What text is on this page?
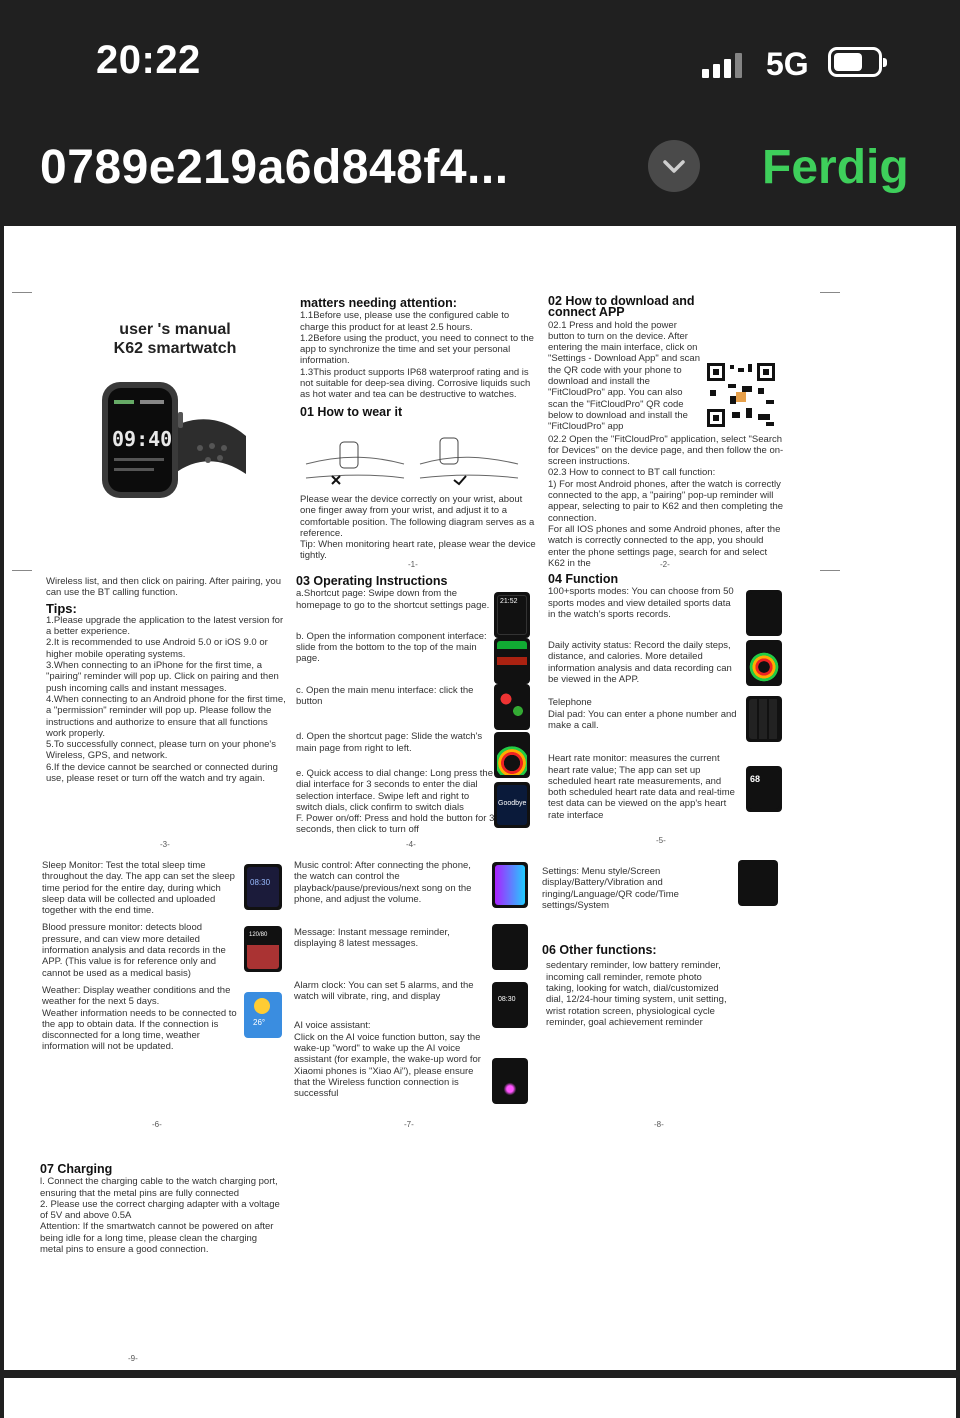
20:22	5G
0789e219a6d848f4...	Ferdig
user 's manual
K62 smartwatch
09:40
matters needing attention:

1.1Before use, please use the configured cable to charge this product for at least 2.5 hours.
1.2Before using the product, you need to connect to the app to synchronize the time and set your personal information.
1.3This product supports IP68 waterproof rating and is not suitable for deep-sea diving. Corrosive liquids such as hot water and tea can be destructive to watches.

01 How to wear it

Please wear the device correctly on your wrist, about one finger away from your wrist, and adjust it to a comfortable position. The following diagram serves as a reference.
Tip: When monitoring heart rate, please wear the device tightly.

-1-
02 How to download and
connect APP

02.1 Press and hold the power button to turn on the device. After entering the main interface, click on "Settings - Download App" and scan the QR code with your phone to download and install the "FitCloudPro" app. You can also scan the "FitCloudPro" QR code below to download and install the "FitCloudPro" app

02.2 Open the "FitCloudPro" application, select "Search for Devices" on the device page, and then follow the on-screen instructions.
02.3 How to connect to BT call function:
1) For most Android phones, after the watch is correctly connected to the app, a "pairing" pop-up reminder will appear, selecting to pair to K62 and then completing the connection.
For all IOS phones and some Android phones, after the watch is correctly connected to the app, you should enter the phone settings page, search for and select K62 in the	-2-

Wireless list, and then click on pairing. After pairing, you can use the BT calling function.

Tips:

1.Please upgrade the application to the latest version for a better experience.
2.It is recommended to use Android 5.0 or iOS 9.0 or higher mobile operating systems.
3.When connecting to an iPhone for the first time, a "pairing" reminder will pop up. Click on pairing and then push incoming calls and instant messages.
4.When connecting to an Android phone for the first time, a "permission" reminder will pop up. Please follow the instructions and authorize to ensure that all functions work properly.
5.To successfully connect, please turn on your phone's Wireless, GPS, and network.
6.If the device cannot be searched or connected during use, please reset or turn off the watch and try again.

-3-
03 Operating Instructions

a.Shortcut page: Swipe down from the homepage to go to the shortcut settings page.

b. Open the information component interface: slide from the bottom to the top of the main page.

c. Open the main menu interface: click the button

d. Open the shortcut page: Slide the watch's main page from right to left.

e. Quick access to dial change: Long press the dial interface for 3 seconds to enter the dial selection interface. Swipe left and right to switch dials, click confirm to switch dials
F. Power on/off: Press and hold the button for 3 seconds, then click to turn off

21:52
Goodbye
-4-
04 Function

100+sports modes: You can choose from 50 sports modes and view detailed sports data in the watch's sports records.

Daily activity status: Record the daily steps, distance, and calories. More detailed information analysis and data recording can be viewed in the APP.

Telephone
Dial pad: You can enter a phone number and make a call.

Heart rate monitor: measures the current heart rate value; The app can set up scheduled heart rate measurements, and both scheduled heart rate data and real-time test data can be viewed on the app's heart rate interface

68
-5-

Sleep Monitor: Test the total sleep time throughout the day. The app can set the sleep time period for the entire day, during which sleep data will be collected and uploaded together with the end time.

Blood pressure monitor: detects blood pressure, and can view more detailed information analysis and data records in the APP. (This value is for reference only and cannot be used as a medical basis)

Weather: Display weather conditions and the weather for the next 5 days.
Weather information needs to be connected to the app to obtain data. If the connection is disconnected for a long time, weather information will not be updated.

08:30
120/80
26°
-6-

Music control: After connecting the phone, the watch can control the playback/pause/previous/next song on the phone, and adjust the volume.

Message: Instant message reminder, displaying 8 latest messages.

Alarm clock: You can set 5 alarms, and the watch will vibrate, ring, and display

AI voice assistant:
Click on the AI voice function button, say the wake-up "word" to wake up the AI voice assistant (for example, the wake-up word for Xiaomi phones is "Xiao Ai"), please ensure that the Wireless function connection is successful

08:30
-7-

Settings: Menu style/Screen display/Battery/Vibration and ringing/Language/QR code/Time settings/System

06 Other functions:

sedentary reminder, low battery reminder, incoming call reminder, remote photo taking, looking for watch, dial/customized dial, 12/24-hour timing system, unit setting, wrist rotation screen, physiological cycle reminder, goal achievement reminder

-8-
07 Charging

l. Connect the charging cable to the watch charging port, ensuring that the metal pins are fully connected
2. Please use the correct charging adapter with a voltage of 5V and above 0.5A
Attention: If the smartwatch cannot be powered on after being idle for a long time, please clean the charging metal pins to ensure a good connection.

-9-
